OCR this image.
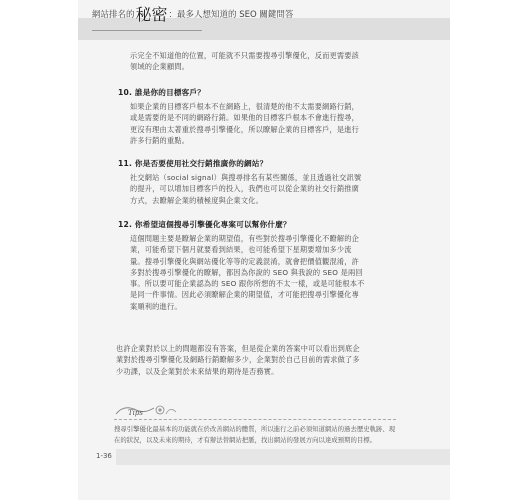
網站排名的秘密：最多人想知道的 SEO 關鍵問答
示完全不知道他的位置，可能就不只需要搜尋引擎優化，反而更需要該領域的企業顧問。
10. 誰是你的目標客戶？
如果企業的目標客戶根本不在網路上，很清楚的他不太需要網路行銷，或是需要的是不同的網路行銷。如果他的目標客戶根本不會進行搜尋，更沒有理由太著重於搜尋引擎優化，所以瞭解企業的目標客戶，是進行許多行銷的重點。
11. 你是否要使用社交行銷推廣你的網站？
社交網站（social signal）與搜尋排名有某些關係，並且透過社交訊號的提升，可以增加目標客戶的投入，我們也可以從企業的社交行銷推廣方式，去瞭解企業的積極度與企業文化。
12. 你希望這個搜尋引擎優化專案可以幫你什麼？
這個問題主要是瞭解企業的期望值，有些對於搜尋引擎優化不瞭解的企業，可能希望下個月就要看到結果，也可能希望下星期要增加多少流量。搜尋引擎優化與網站優化等等的定義混淆，就會把價值觀混淆，許多對於搜尋引擎優化的瞭解，都因為你說的 SEO 與我說的 SEO 是兩回事。所以要可能企業認為的 SEO 跟你所想的不太一樣，或是可能根本不是同一件事情。因此必須瞭解企業的期望值，才可能把搜尋引擎優化專案順利的進行。
也許企業對於以上的問題都沒有答案，但是從企業的答案中可以看出到底企業對於搜尋引擎優化及網路行銷瞭解多少，企業對於自己目前的需求做了多少功課，以及企業對於未來結果的期待是否務實。
Tips
搜尋引擎優化最基本的功能就在於改善網站的體質，所以進行之前必須知道網站的過去歷史軌跡、現在的狀況，以及未來的期待，才有辦法替網站把脈，找出網站的發展方向以達成預期的目標。
1-36
